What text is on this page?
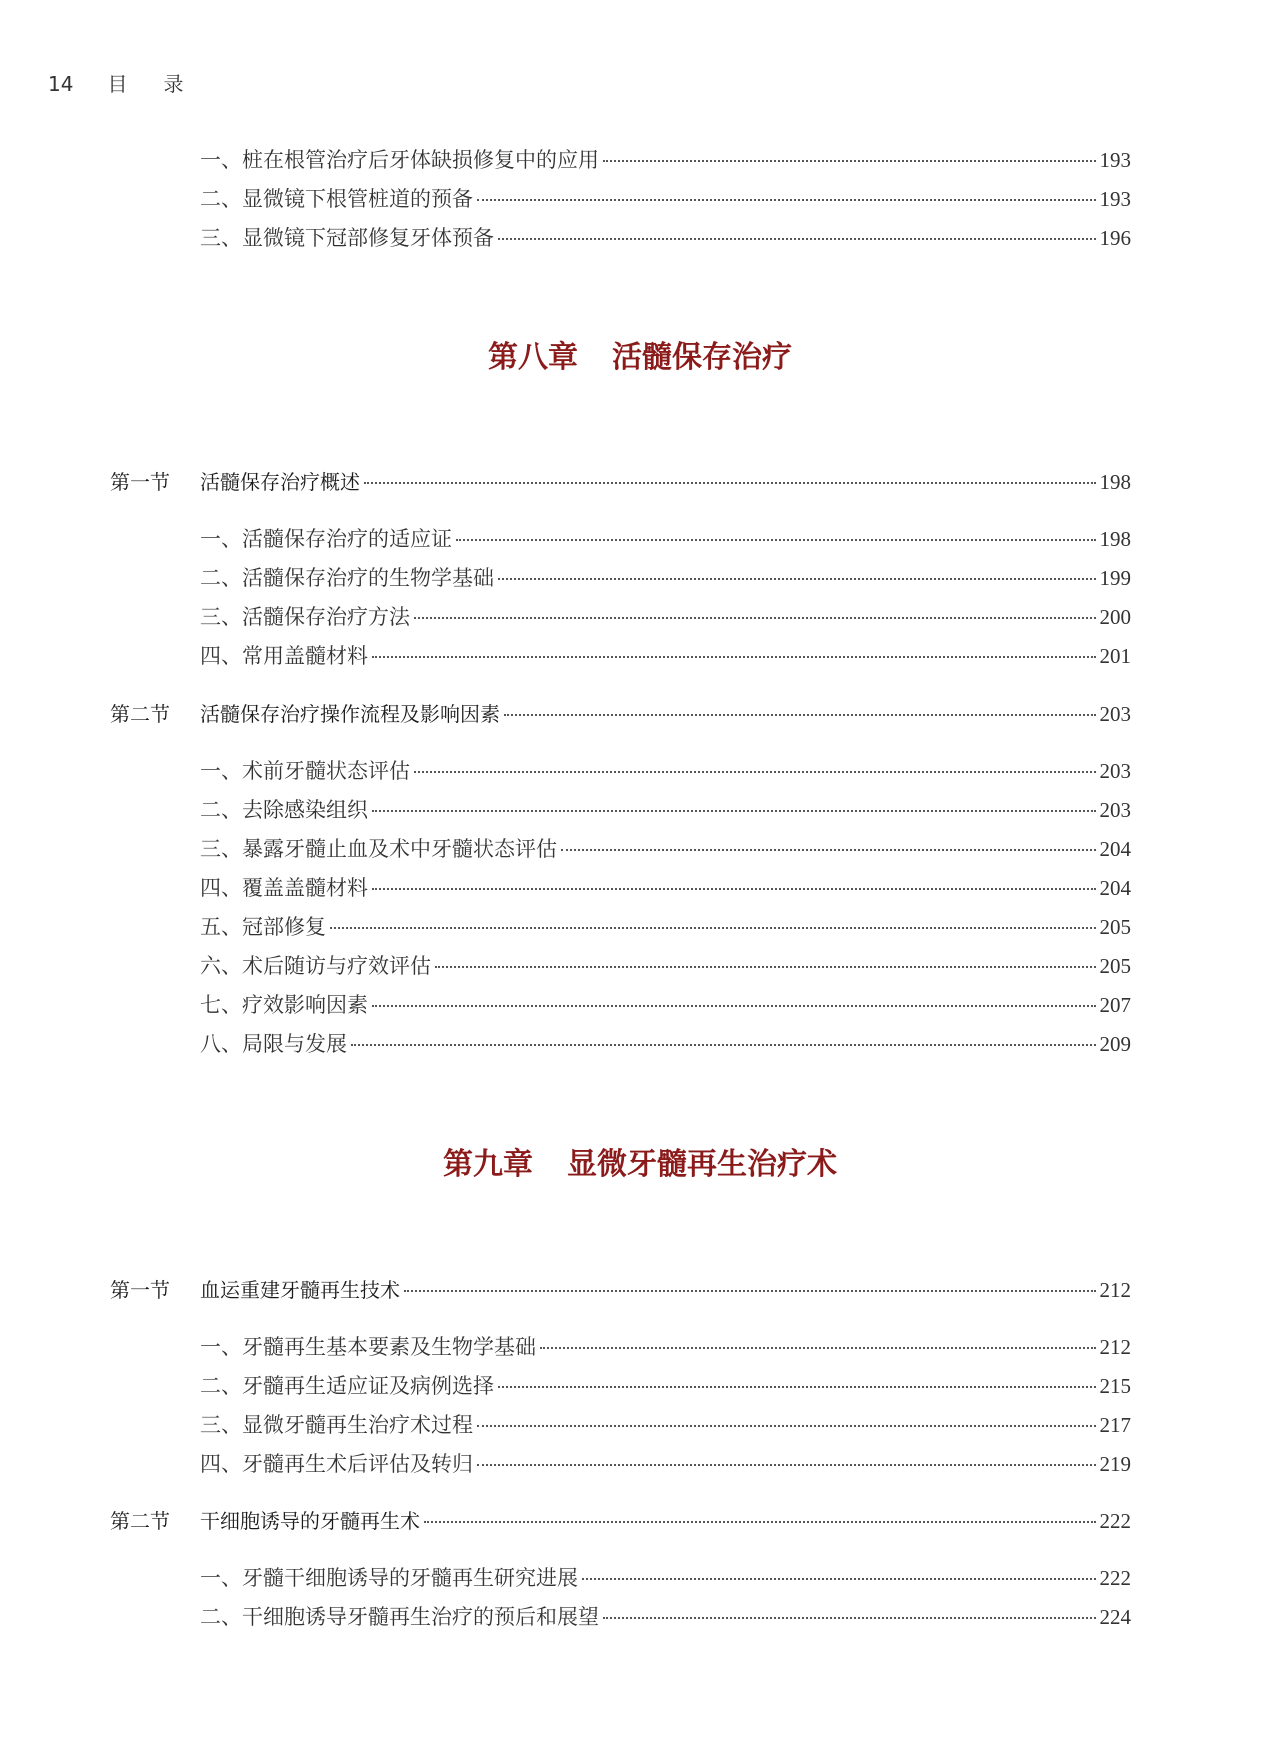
14 目录
一、桩在根管治疗后牙体缺损修复中的应用	193
二、显微镜下根管桩道的预备	193
三、显微镜下冠部修复牙体预备	196
第八章 活髓保存治疗
第一节	活髓保存治疗概述	198
一、活髓保存治疗的适应证	198
二、活髓保存治疗的生物学基础	199
三、活髓保存治疗方法	200
四、常用盖髓材料	201
第二节	活髓保存治疗操作流程及影响因素	203
一、术前牙髓状态评估	203
二、去除感染组织	203
三、暴露牙髓止血及术中牙髓状态评估	204
四、覆盖盖髓材料	204
五、冠部修复	205
六、术后随访与疗效评估	205
七、疗效影响因素	207
八、局限与发展	209
第九章 显微牙髓再生治疗术
第一节	血运重建牙髓再生技术	212
一、牙髓再生基本要素及生物学基础	212
二、牙髓再生适应证及病例选择	215
三、显微牙髓再生治疗术过程	217
四、牙髓再生术后评估及转归	219
第二节	干细胞诱导的牙髓再生术	222
一、牙髓干细胞诱导的牙髓再生研究进展	222
二、干细胞诱导牙髓再生治疗的预后和展望	224
